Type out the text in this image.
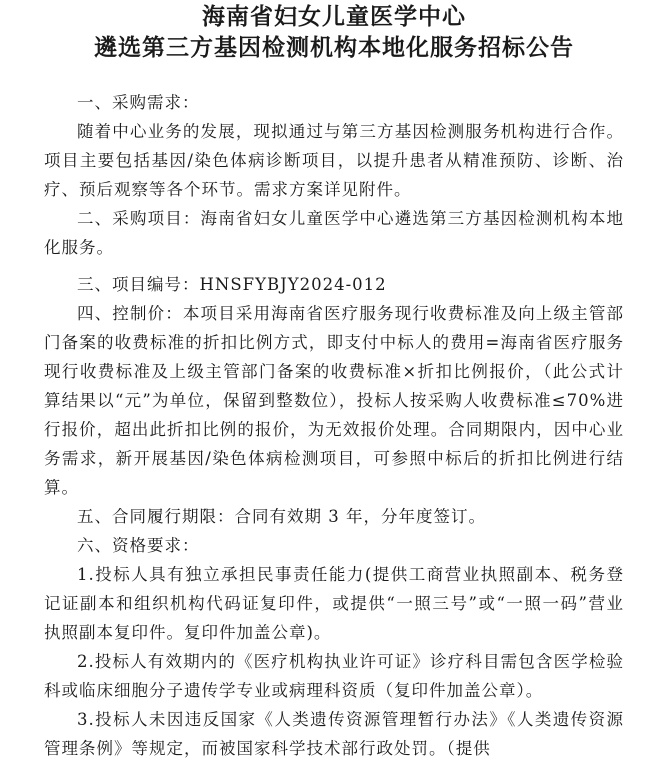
海南省妇女儿童医学中心
遴选第三方基因检测机构本地化服务招标公告

一、采购需求：

随着中心业务的发展，现拟通过与第三方基因检测服务机构进行合作。项目主要包括基因/染色体病诊断项目，以提升患者从精准预防、诊断、治疗、预后观察等各个环节。需求方案详见附件。

二、采购项目：海南省妇女儿童医学中心遴选第三方基因检测机构本地化服务。

三、项目编号：HNSFYBJY2024-012

四、控制价：本项目采用海南省医疗服务现行收费标准及向上级主管部门备案的收费标准的折扣比例方式，即支付中标人的费用=海南省医疗服务现行收费标准及上级主管部门备案的收费标准×折扣比例报价，（此公式计算结果以“元”为单位，保留到整数位），投标人按采购人收费标准≤70%进行报价，超出此折扣比例的报价，为无效报价处理。合同期限内，因中心业务需求，新开展基因/染色体病检测项目，可参照中标后的折扣比例进行结算。

五、合同履行期限：合同有效期 3 年，分年度签订。

六、资格要求：

1.投标人具有独立承担民事责任能力(提供工商营业执照副本、税务登记证副本和组织机构代码证复印件，或提供“一照三号”或“一照一码”营业执照副本复印件。复印件加盖公章)。

2.投标人有效期内的《医疗机构执业许可证》诊疗科目需包含医学检验科或临床细胞分子遗传学专业或病理科资质（复印件加盖公章）。

3.投标人未因违反国家《人类遗传资源管理暂行办法》《人类遗传资源管理条例》等规定，而被国家科学技术部行政处罚。（提供
